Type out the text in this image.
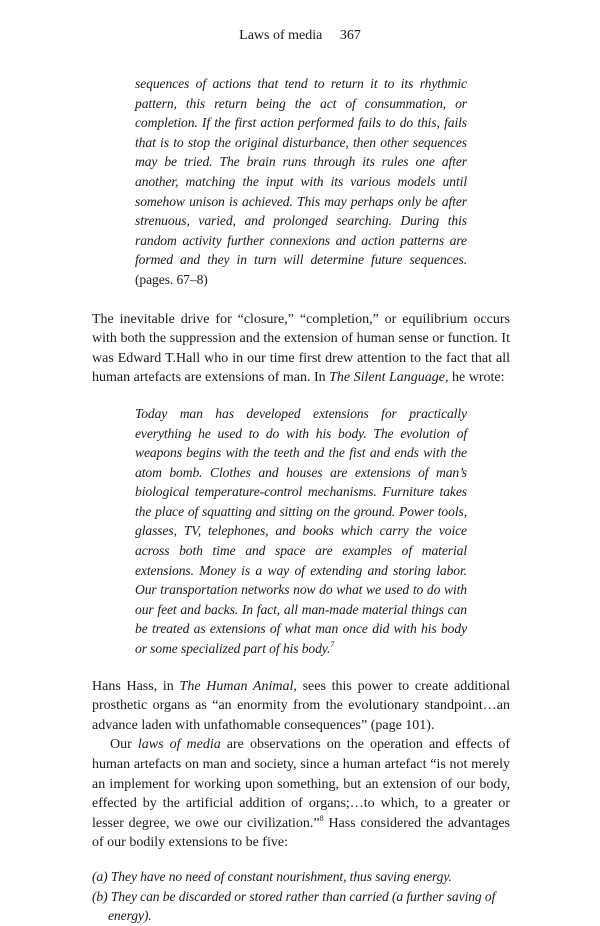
Laws of media 367

sequences of actions that tend to return it to its rhythmic pattern, this return being the act of consummation, or completion. If the first action performed fails to do this, fails that is to stop the original disturbance, then other sequences may be tried. The brain runs through its rules one after another, matching the input with its various models until somehow unison is achieved. This may perhaps only be after strenuous, varied, and prolonged searching. During this random activity further connexions and action patterns are formed and they in turn will determine future sequences. (pages. 67–8)

The inevitable drive for “closure,” “completion,” or equilibrium occurs with both the suppression and the extension of human sense or function. It was Edward T.Hall who in our time first drew attention to the fact that all human artefacts are extensions of man. In The Silent Language, he wrote:

Today man has developed extensions for practically everything he used to do with his body. The evolution of weapons begins with the teeth and the fist and ends with the atom bomb. Clothes and houses are extensions of man’s biological temperature-control mechanisms. Furniture takes the place of squatting and sitting on the ground. Power tools, glasses, TV, telephones, and books which carry the voice across both time and space are examples of material extensions. Money is a way of extending and storing labor. Our transportation networks now do what we used to do with our feet and backs. In fact, all man-made material things can be treated as extensions of what man once did with his body or some specialized part of his body.$^7$

Hans Hass, in The Human Animal, sees this power to create additional prosthetic organs as “an enormity from the evolutionary standpoint…an advance laden with unfathomable consequences” (page 101).

Our laws of media are observations on the operation and effects of human artefacts on man and society, since a human artefact “is not merely an implement for working upon something, but an extension of our body, effected by the artificial addition of organs;…to which, to a greater or lesser degree, we owe our civilization.”$^8$ Hass considered the advantages of our bodily extensions to be five:

(a) They have no need of constant nourishment, thus saving energy.
(b) They can be discarded or stored rather than carried (a further saving of energy).
